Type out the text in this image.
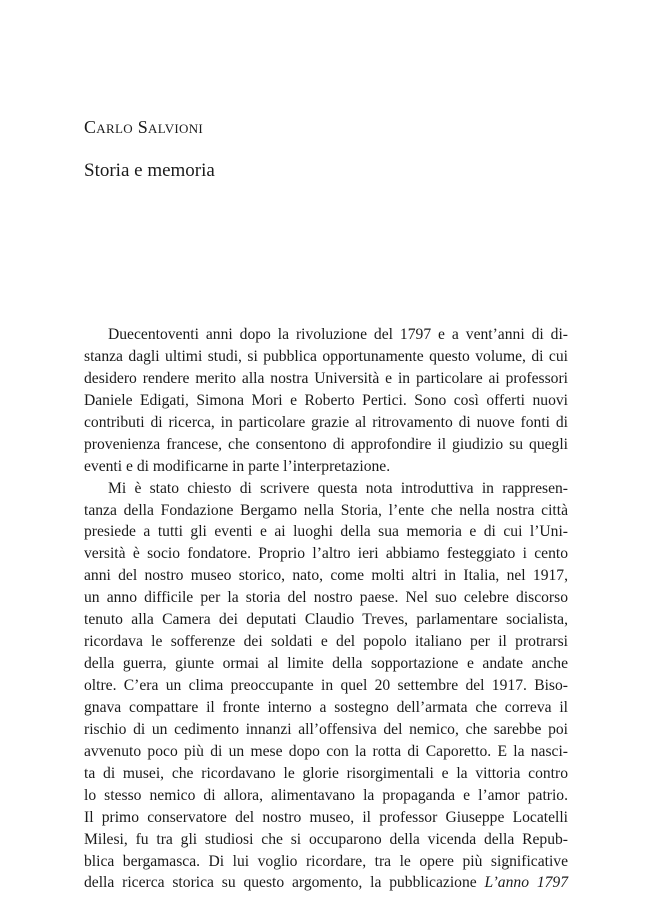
Carlo Salvioni
Storia e memoria
Duecentoventi anni dopo la rivoluzione del 1797 e a vent’anni di di-
stanza dagli ultimi studi, si pubblica opportunamente questo volume, di cui
desidero rendere merito alla nostra Università e in particolare ai professori
Daniele Edigati, Simona Mori e Roberto Pertici. Sono così offerti nuovi
contributi di ricerca, in particolare grazie al ritrovamento di nuove fonti di
provenienza francese, che consentono di approfondire il giudizio su quegli
eventi e di modificarne in parte l’interpretazione.
Mi è stato chiesto di scrivere questa nota introduttiva in rappresen-
tanza della Fondazione Bergamo nella Storia, l’ente che nella nostra città
presiede a tutti gli eventi e ai luoghi della sua memoria e di cui l’Uni-
versità è socio fondatore. Proprio l’altro ieri abbiamo festeggiato i cento
anni del nostro museo storico, nato, come molti altri in Italia, nel 1917,
un anno difficile per la storia del nostro paese. Nel suo celebre discorso
tenuto alla Camera dei deputati Claudio Treves, parlamentare socialista,
ricordava le sofferenze dei soldati e del popolo italiano per il protrarsi
della guerra, giunte ormai al limite della sopportazione e andate anche
oltre. C’era un clima preoccupante in quel 20 settembre del 1917. Biso-
gnava compattare il fronte interno a sostegno dell’armata che correva il
rischio di un cedimento innanzi all’offensiva del nemico, che sarebbe poi
avvenuto poco più di un mese dopo con la rotta di Caporetto. E la nasci-
ta di musei, che ricordavano le glorie risorgimentali e la vittoria contro
lo stesso nemico di allora, alimentavano la propaganda e l’amor patrio.
Il primo conservatore del nostro museo, il professor Giuseppe Locatelli
Milesi, fu tra gli studiosi che si occuparono della vicenda della Repub-
blica bergamasca. Di lui voglio ricordare, tra le opere più significative
della ricerca storica su questo argomento, la pubblicazione L’anno 1797
